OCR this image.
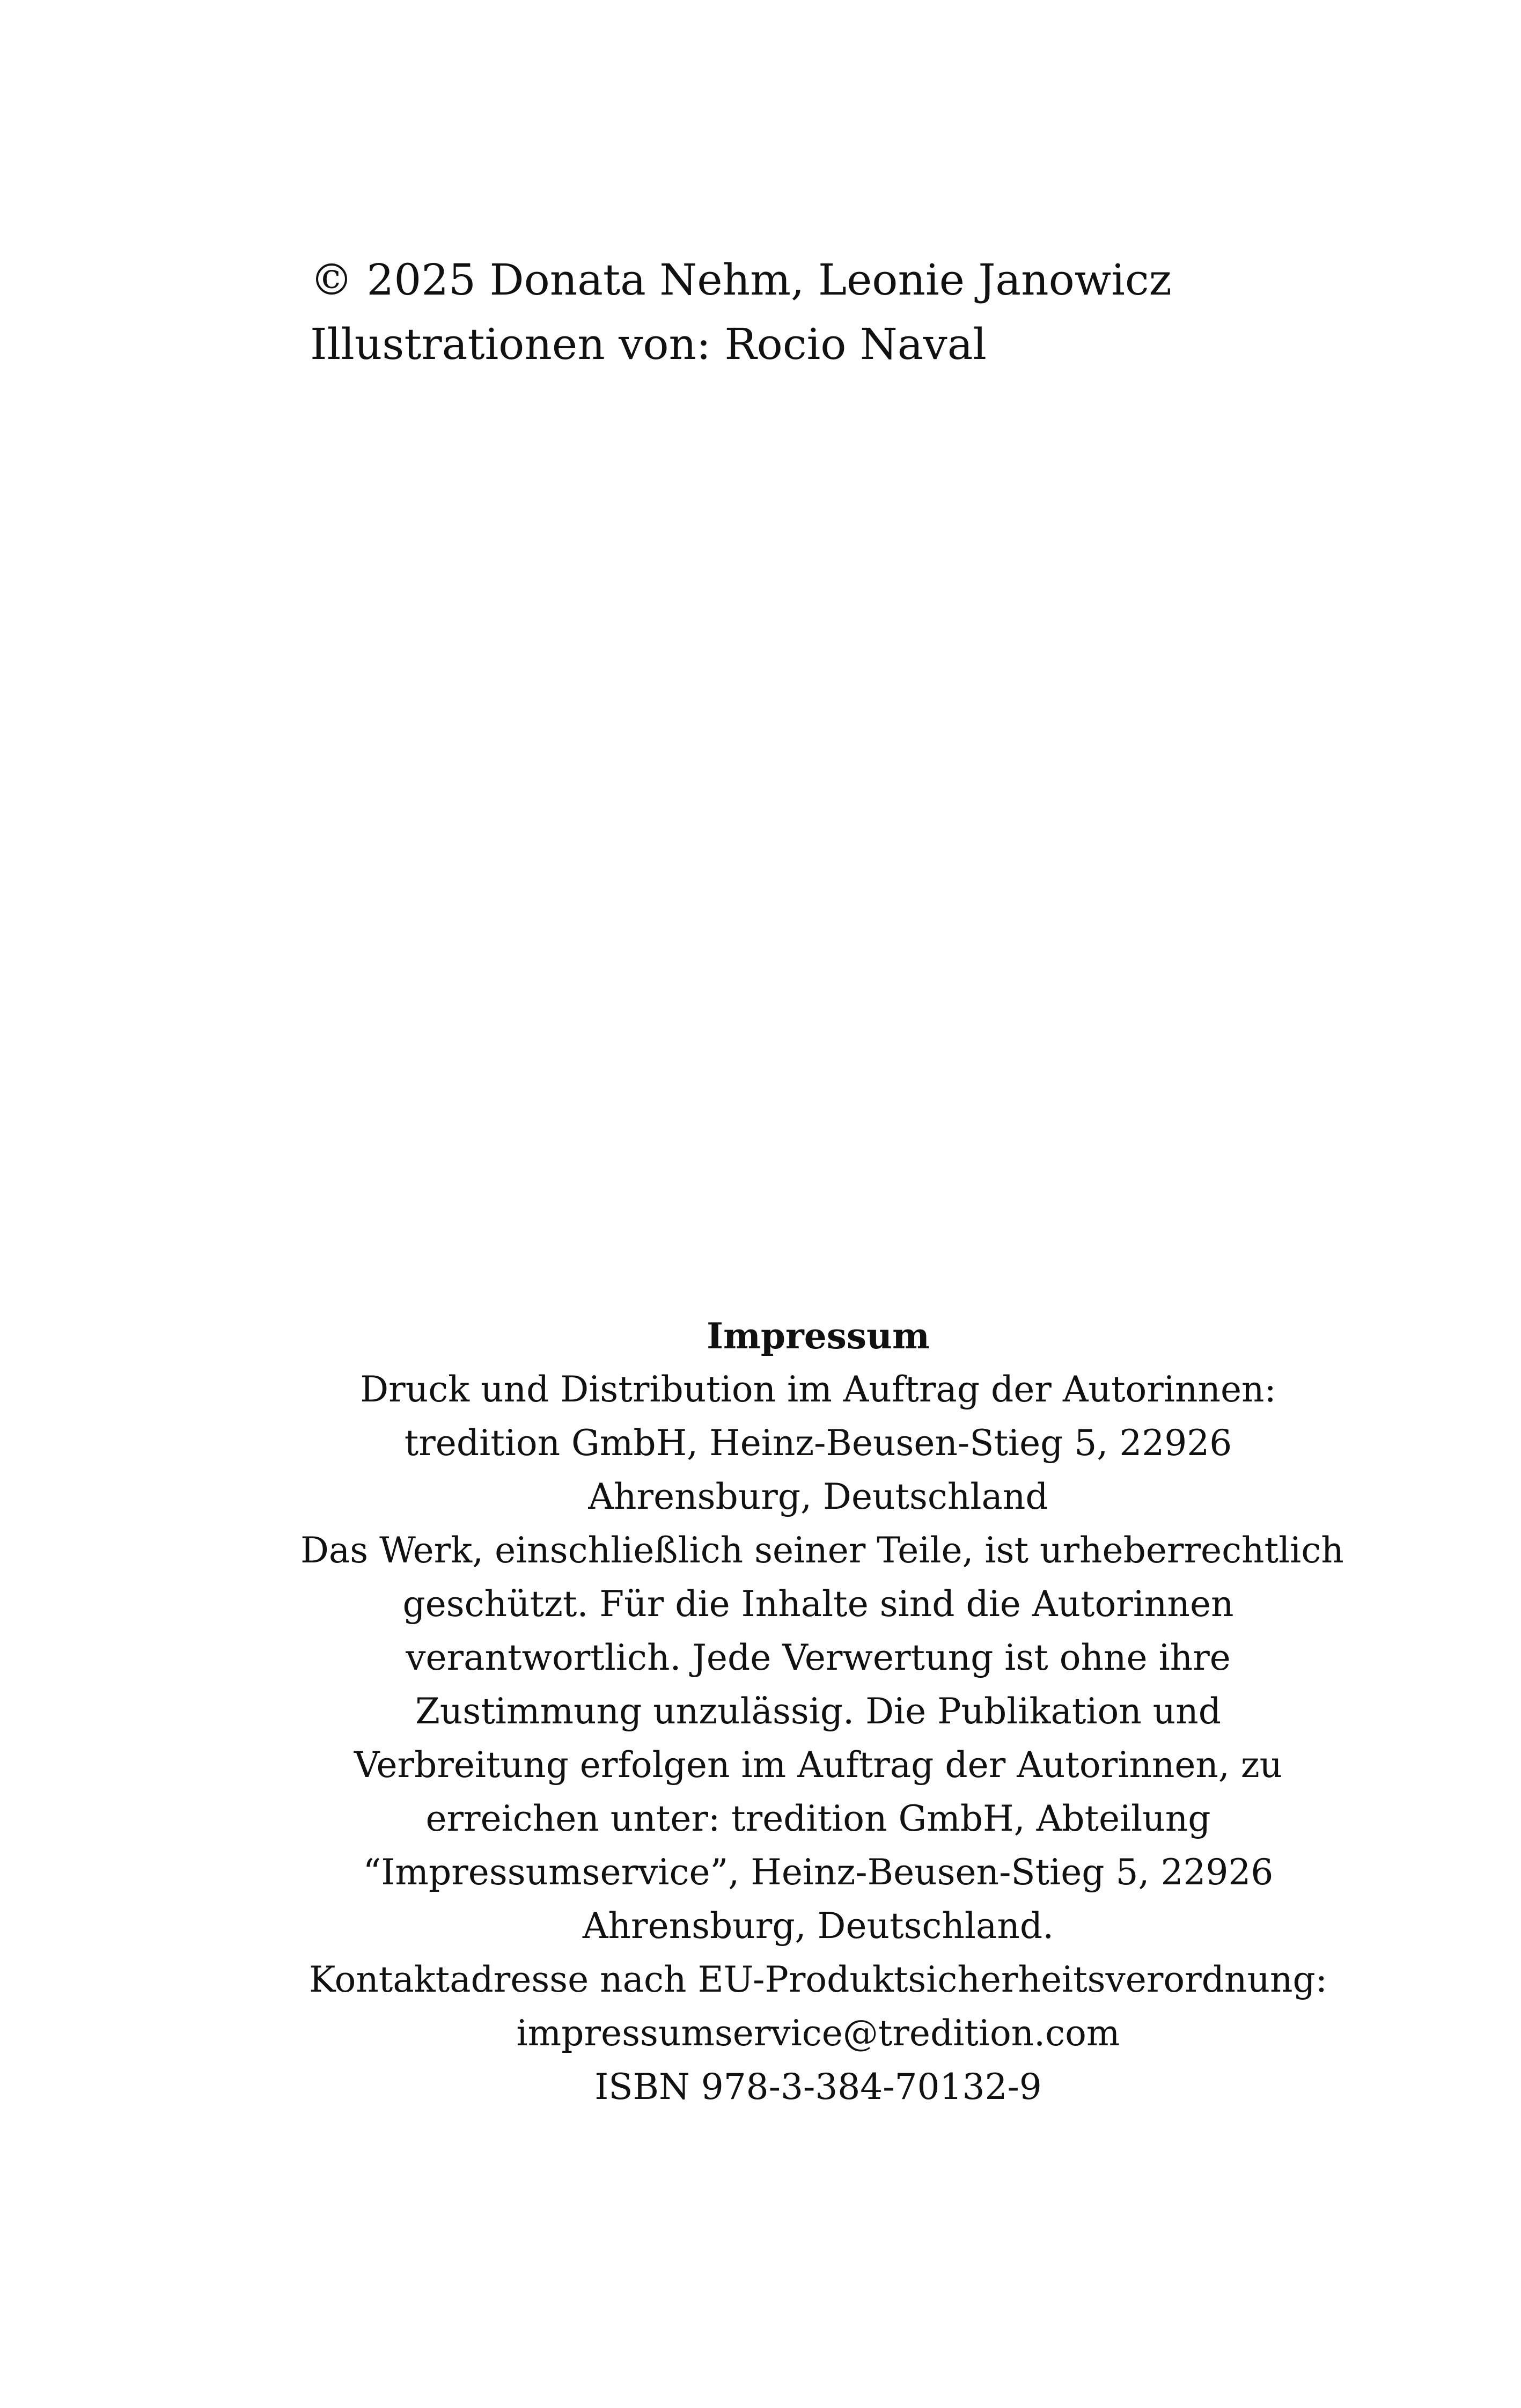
© 2025 Donata Nehm, Leonie Janowicz
Illustrationen von: Rocio Naval
Impressum
Druck und Distribution im Auftrag der Autorinnen:
tredition GmbH, Heinz-Beusen-Stieg 5, 22926
Ahrensburg, Deutschland
Das Werk, einschließlich seiner Teile, ist urheberrechtlich
geschützt. Für die Inhalte sind die Autorinnen
verantwortlich. Jede Verwertung ist ohne ihre
Zustimmung unzulässig. Die Publikation und
Verbreitung erfolgen im Auftrag der Autorinnen, zu
erreichen unter: tredition GmbH, Abteilung
“Impressumservice”, Heinz-Beusen-Stieg 5, 22926
Ahrensburg, Deutschland.
Kontaktadresse nach EU-Produktsicherheitsverordnung:
impressumservice@tredition.com
ISBN 978-3-384-70132-9
